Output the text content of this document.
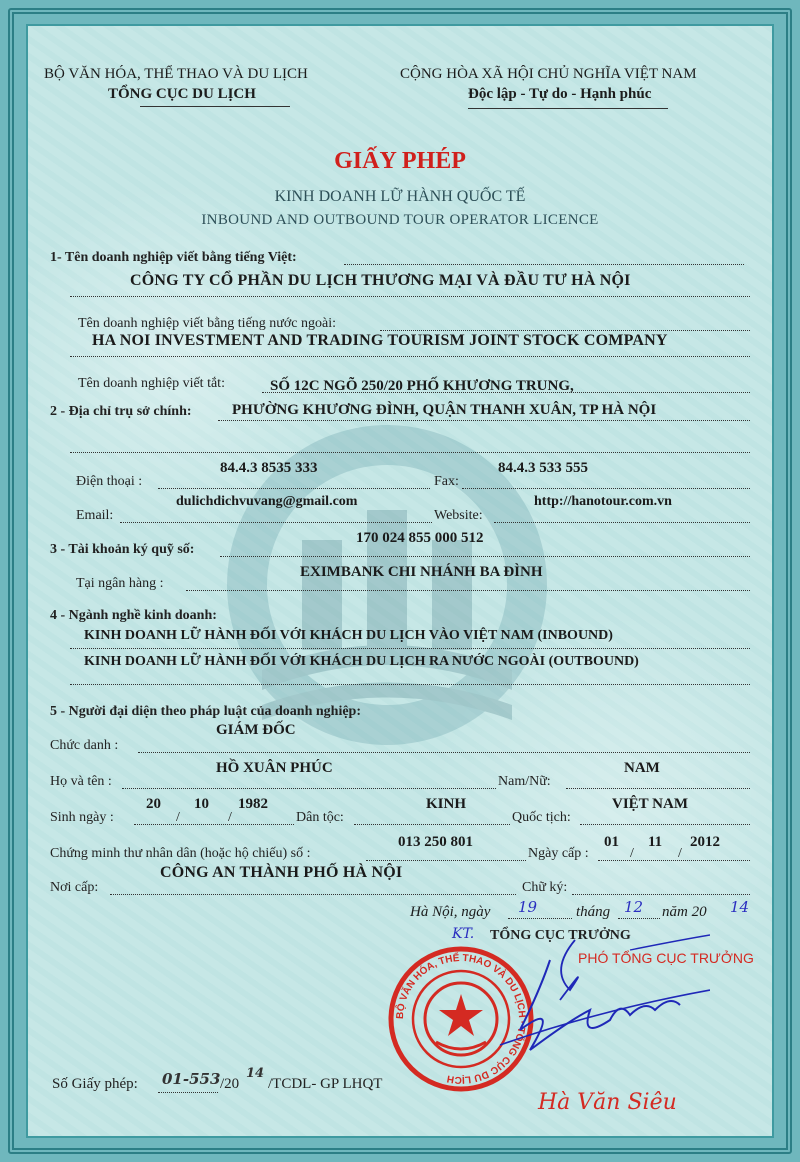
BỘ VĂN HÓA, THỂ THAO VÀ DU LỊCH
TỔNG CỤC DU LỊCH
CỘNG HÒA XÃ HỘI CHỦ NGHĨA VIỆT NAM
Độc lập - Tự do - Hạnh phúc
GIẤY PHÉP
KINH DOANH LỮ HÀNH QUỐC TẾ
INBOUND AND OUTBOUND TOUR OPERATOR LICENCE
1- Tên doanh nghiệp viết bằng tiếng Việt:
CÔNG TY CỔ PHẦN DU LỊCH THƯƠNG MẠI VÀ ĐẦU TƯ HÀ NỘI
Tên doanh nghiệp viết bằng tiếng nước ngoài:
HA NOI INVESTMENT AND TRADING TOURISM JOINT STOCK COMPANY
Tên doanh nghiệp viết tắt:	SỐ 12C NGÕ 250/20 PHỐ KHƯƠNG TRUNG,
2 - Địa chỉ trụ sở chính:	PHƯỜNG KHƯƠNG ĐÌNH, QUẬN THANH XUÂN, TP HÀ NỘI
84.4.3 8535 333	84.4.3 533 555
Điện thoại :	Fax:
dulichdichvuvang@gmail.com	http://hanotour.com.vn
Email:	Website:
170 024 855 000 512
3 - Tài khoản ký quỹ số:
EXIMBANK CHI NHÁNH BA ĐÌNH
Tại ngân hàng :
4 - Ngành nghề kinh doanh:
KINH DOANH LỮ HÀNH ĐỐI VỚI KHÁCH DU LỊCH VÀO VIỆT NAM (INBOUND)
KINH DOANH LỮ HÀNH ĐỐI VỚI KHÁCH DU LỊCH RA NƯỚC NGOÀI (OUTBOUND)
5 - Người đại diện theo pháp luật của doanh nghiệp:
GIÁM ĐỐC
Chức danh :
HỒ XUÂN PHÚC	NAM
Họ và tên :	Nam/Nữ:
20 10 1982	KINH	VIỆT NAM
Sinh ngày :	/	/	Dân tộc:	Quốc tịch:
013 250 801	01 11 2012
Chứng minh thư nhân dân (hoặc hộ chiếu) số :	Ngày cấp :	/	/
CÔNG AN THÀNH PHỐ HÀ NỘI
Nơi cấp:	Chữ ký:
Hà Nội, ngày 19	tháng 12 năm 20 14
KT. TỔNG CỤC TRƯỞNG
PHÓ TỔNG CỤC TRƯỞNG
BỘ VĂN HÓA, THỂ THAO VÀ DU LỊCH · TỔNG CỤC DU LỊCH
Hà Văn Siêu
Số Giấy phép: 01-553 /20
14
/TCDL- GP LHQT
